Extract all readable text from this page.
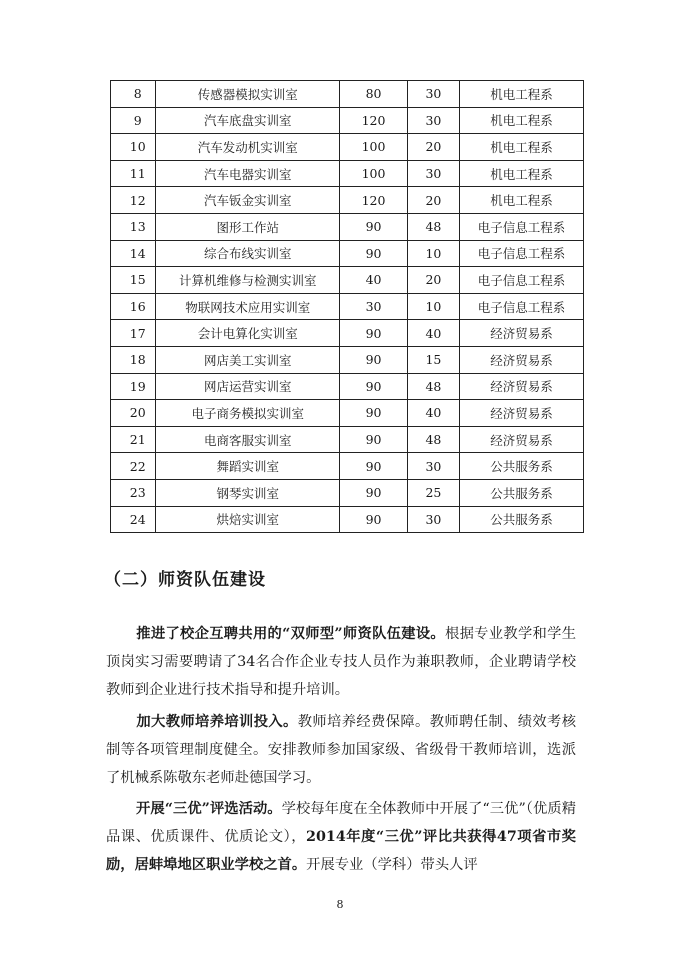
8	传感器模拟实训室	80	30	机电工程系
9	汽车底盘实训室	120	30	机电工程系
10	汽车发动机实训室	100	20	机电工程系
11	汽车电器实训室	100	30	机电工程系
12	汽车钣金实训室	120	20	机电工程系
13	图形工作站	90	48	电子信息工程系
14	综合布线实训室	90	10	电子信息工程系
15	计算机维修与检测实训室	40	20	电子信息工程系
16	物联网技术应用实训室	30	10	电子信息工程系
17	会计电算化实训室	90	40	经济贸易系
18	网店美工实训室	90	15	经济贸易系
19	网店运营实训室	90	48	经济贸易系
20	电子商务模拟实训室	90	40	经济贸易系
21	电商客服实训室	90	48	经济贸易系
22	舞蹈实训室	90	30	公共服务系
23	钢琴实训室	90	25	公共服务系
24	烘焙实训室	90	30	公共服务系
（二）师资队伍建设

推进了校企互聘共用的“双师型”师资队伍建设。根据专业教学和学生顶岗实习需要聘请了34名合作企业专技人员作为兼职教师，企业聘请学校教师到企业进行技术指导和提升培训。

加大教师培养培训投入。教师培养经费保障。教师聘任制、绩效考核制等各项管理制度健全。安排教师参加国家级、省级骨干教师培训，选派了机械系陈敬东老师赴德国学习。

开展“三优”评选活动。学校每年度在全体教师中开展了“三优”（优质精品课、优质课件、优质论文），2014年度“三优”评比共获得47项省市奖励，居蚌埠地区职业学校之首。开展专业（学科）带头人评

8
